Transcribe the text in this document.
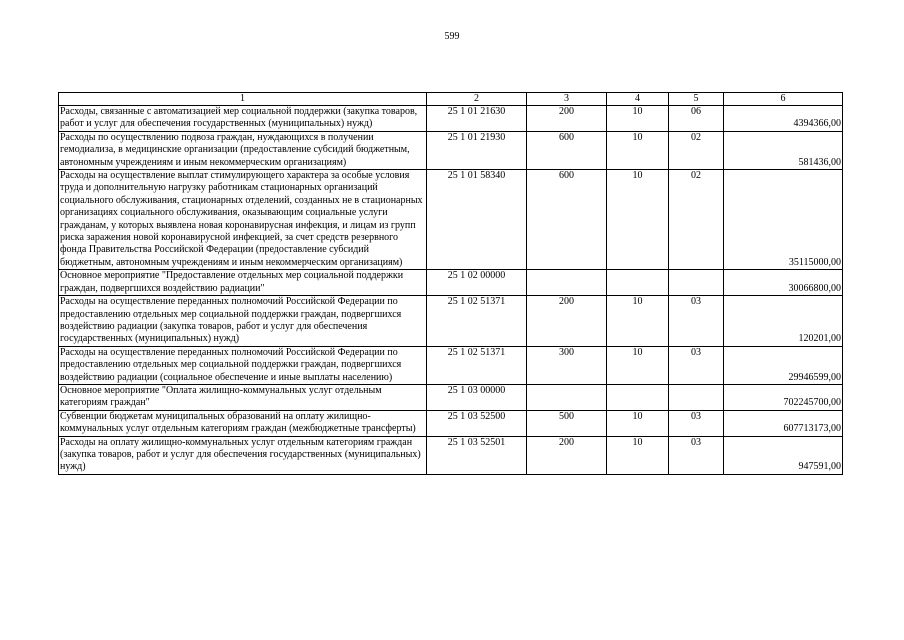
599
1	2	3	4	5	6
Расходы, связанные с автоматизацией мер социальной поддержки (закупка товаров, работ и услуг для обеспечения государственных (муниципальных) нужд)	25 1 01 21630	200	10	06	4394366,00
Расходы по осуществлению подвоза граждан, нуждающихся в получении гемодиализа, в медицинские организации (предоставление субсидий бюджетным, автономным учреждениям и иным некоммерческим организациям)	25 1 01 21930	600	10	02	581436,00
Расходы на осуществление выплат стимулирующего характера за особые условия труда и дополнительную нагрузку работникам стационарных организаций социального обслуживания, стационарных отделений, созданных не в стационарных организациях социального обслуживания, оказывающим социальные услуги гражданам, у которых выявлена новая коронавирусная инфекция, и лицам из групп риска заражения новой коронавирусной инфекцией, за счет средств резервного фонда Правительства Российской Федерации (предоставление субсидий бюджетным, автономным учреждениям и иным некоммерческим организациям)	25 1 01 58340	600	10	02	35115000,00
Основное мероприятие "Предоставление отдельных мер социальной поддержки граждан, подвергшихся воздействию радиации"	25 1 02 00000				30066800,00
Расходы на осуществление переданных полномочий Российской Федерации по предоставлению отдельных мер социальной поддержки граждан, подвергшихся воздействию радиации (закупка товаров, работ и услуг для обеспечения государственных (муниципальных) нужд)	25 1 02 51371	200	10	03	120201,00
Расходы на осуществление переданных полномочий Российской Федерации по предоставлению отдельных мер социальной поддержки граждан, подвергшихся воздействию радиации (социальное обеспечение и иные выплаты населению)	25 1 02 51371	300	10	03	29946599,00
Основное мероприятие "Оплата жилищно-коммунальных услуг отдельным категориям граждан"	25 1 03 00000				702245700,00
Субвенции бюджетам муниципальных образований на оплату жилищно-коммунальных услуг отдельным категориям граждан (межбюджетные трансферты)	25 1 03 52500	500	10	03	607713173,00
Расходы на оплату жилищно-коммунальных услуг отдельным категориям граждан (закупка товаров, работ и услуг для обеспечения государственных (муниципальных) нужд)	25 1 03 52501	200	10	03	947591,00
